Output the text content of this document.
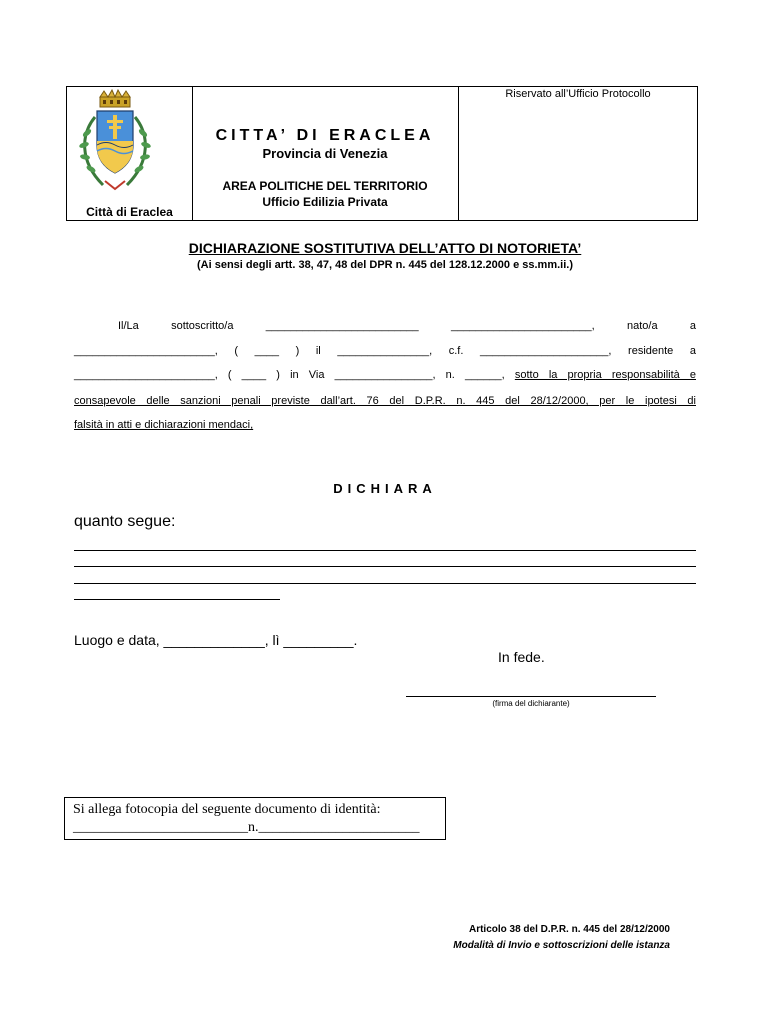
Città di Eraclea
CITTA’ DI ERACLEA
Provincia di Venezia
AREA POLITICHE DEL TERRITORIO
Ufficio Edilizia Privata
Riservato all’Ufficio Protocollo
DICHIARAZIONE SOSTITUTIVA DELL’ATTO DI NOTORIETA’
(Ai sensi degli artt. 38, 47, 48 del DPR n. 445 del 128.12.2000 e ss.mm.ii.)
Il/La sottoscritto/a _________________________ _______________________, nato/a a
_______________________, ( ____ ) il _______________, c.f. _____________________, residente a
_______________________, ( ____ ) in Via ________________, n. ______, sotto la propria responsabilità e
consapevole delle sanzioni penali previste dall’art. 76 del D.P.R. n. 445 del 28/12/2000, per le ipotesi di
falsità in atti e dichiarazioni mendaci,
DICHIARA
quanto segue:
Luogo e data, _____________, lì _________.
In fede.
(firma del dichiarante)
Si allega fotocopia del seguente documento di identità:
_________________________n._______________________
Articolo 38 del D.P.R. n. 445 del 28/12/2000
Modalità di Invio e sottoscrizioni delle istanza
